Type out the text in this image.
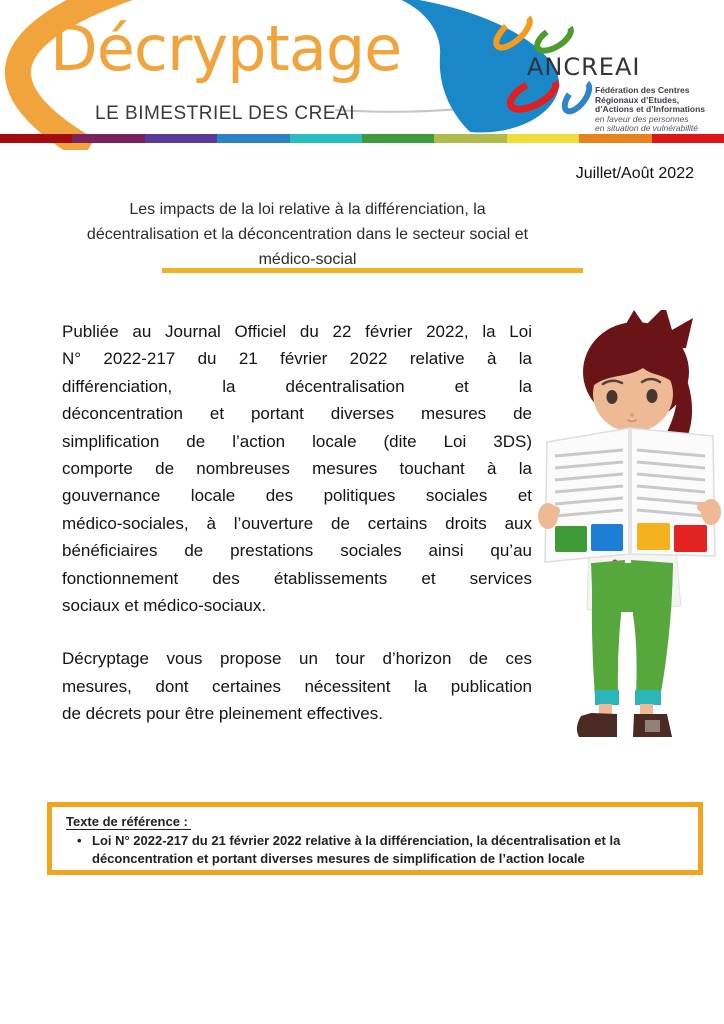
Décryptage
LE BIMESTRIEL DES CREAI
ANCREAI
Fédération des Centres
Régionaux d’Etudes,
d’Actions et d’Informations
en faveur des personnes
en situation de vulnérabilité
Juillet/Août 2022
Les impacts de la loi relative à la différenciation, la
décentralisation et la déconcentration dans le secteur social et
médico-social
Publiée au Journal Officiel du 22 février 2022, la Loi
N° 2022-217 du 21 février 2022 relative à la
différenciation, la décentralisation et la
déconcentration et portant diverses mesures de
simplification de l’action locale (dite Loi 3DS)
comporte de nombreuses mesures touchant à la
gouvernance locale des politiques sociales et
médico-sociales, à l’ouverture de certains droits aux
bénéficiaires de prestations sociales ainsi qu’au
fonctionnement des établissements et services
sociaux et médico-sociaux.
Décryptage vous propose un tour d’horizon de ces
mesures, dont certaines nécessitent la publication
de décrets pour être pleinement effectives.
Texte de référence :
• Loi N° 2022-217 du 21 février 2022 relative à la différenciation, la décentralisation et la déconcentration et portant diverses mesures de simplification de l’action locale
